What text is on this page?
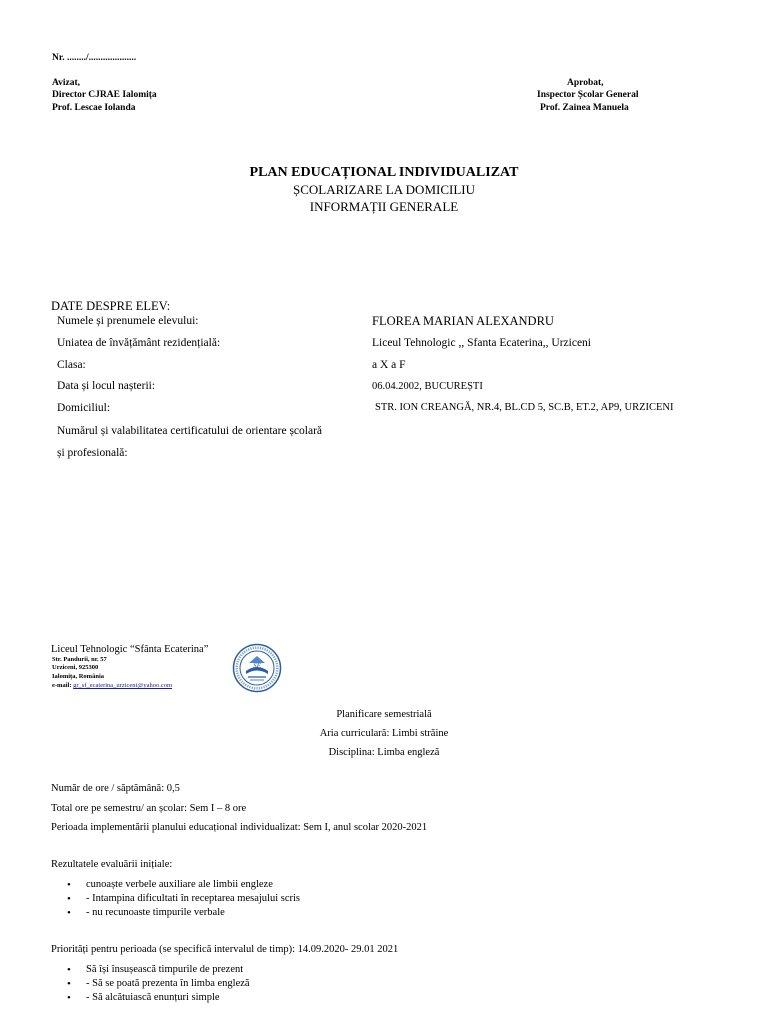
Nr. ......../....................
Avizat,
Director CJRAE Ialomița
Prof. Lescae Iolanda
Aprobat,
Inspector Școlar General
Prof. Zainea Manuela
PLAN EDUCAȚIONAL INDIVIDUALIZAT
ȘCOLARIZARE LA DOMICILIU
INFORMAȚII GENERALE
DATE DESPRE ELEV:
Numele și prenumele elevului:	FLOREA MARIAN ALEXANDRU
Uniatea de învățământ rezidențială:	Liceul Tehnologic ,, Sfanta Ecaterina,, Urziceni
Clasa:	a X a F
Data și locul nașterii:	06.04.2002, BUCUREȘTI
Domiciliul:	STR. ION CREANGĂ, NR.4, BL.CD 5, SC.B, ET.2, AP9, URZICENI
Numărul și valabilitatea certificatului de orientare școlară
și profesională:
Liceul Tehnologic “Sfânta Ecaterina”
Str. Pandurii, nr. 57
Urziceni, 925300
Ialomița, România
e-mail: gr_sf_ecaterina_urziceni@yahoo.com
SE
Planificare semestrială
Aria curriculară: Limbi străine
Disciplina: Limba engleză
Număr de ore / săptămână: 0,5
Total ore pe semestru/ an școlar: Sem I – 8 ore
Perioada implementării planului educațional individualizat: Sem I, anul scolar 2020-2021
Rezultatele evaluării inițiale:
• cunoaște verbele auxiliare ale limbii engleze
• - Intampina dificultati în receptarea mesajului scris
• - nu recunoaste timpurile verbale
Priorități pentru perioada (se specifică intervalul de timp): 14.09.2020- 29.01 2021
• Să își însușească timpurile de prezent
• - Să se poată prezenta în limba engleză
• - Să alcătuiască enunțuri simple
